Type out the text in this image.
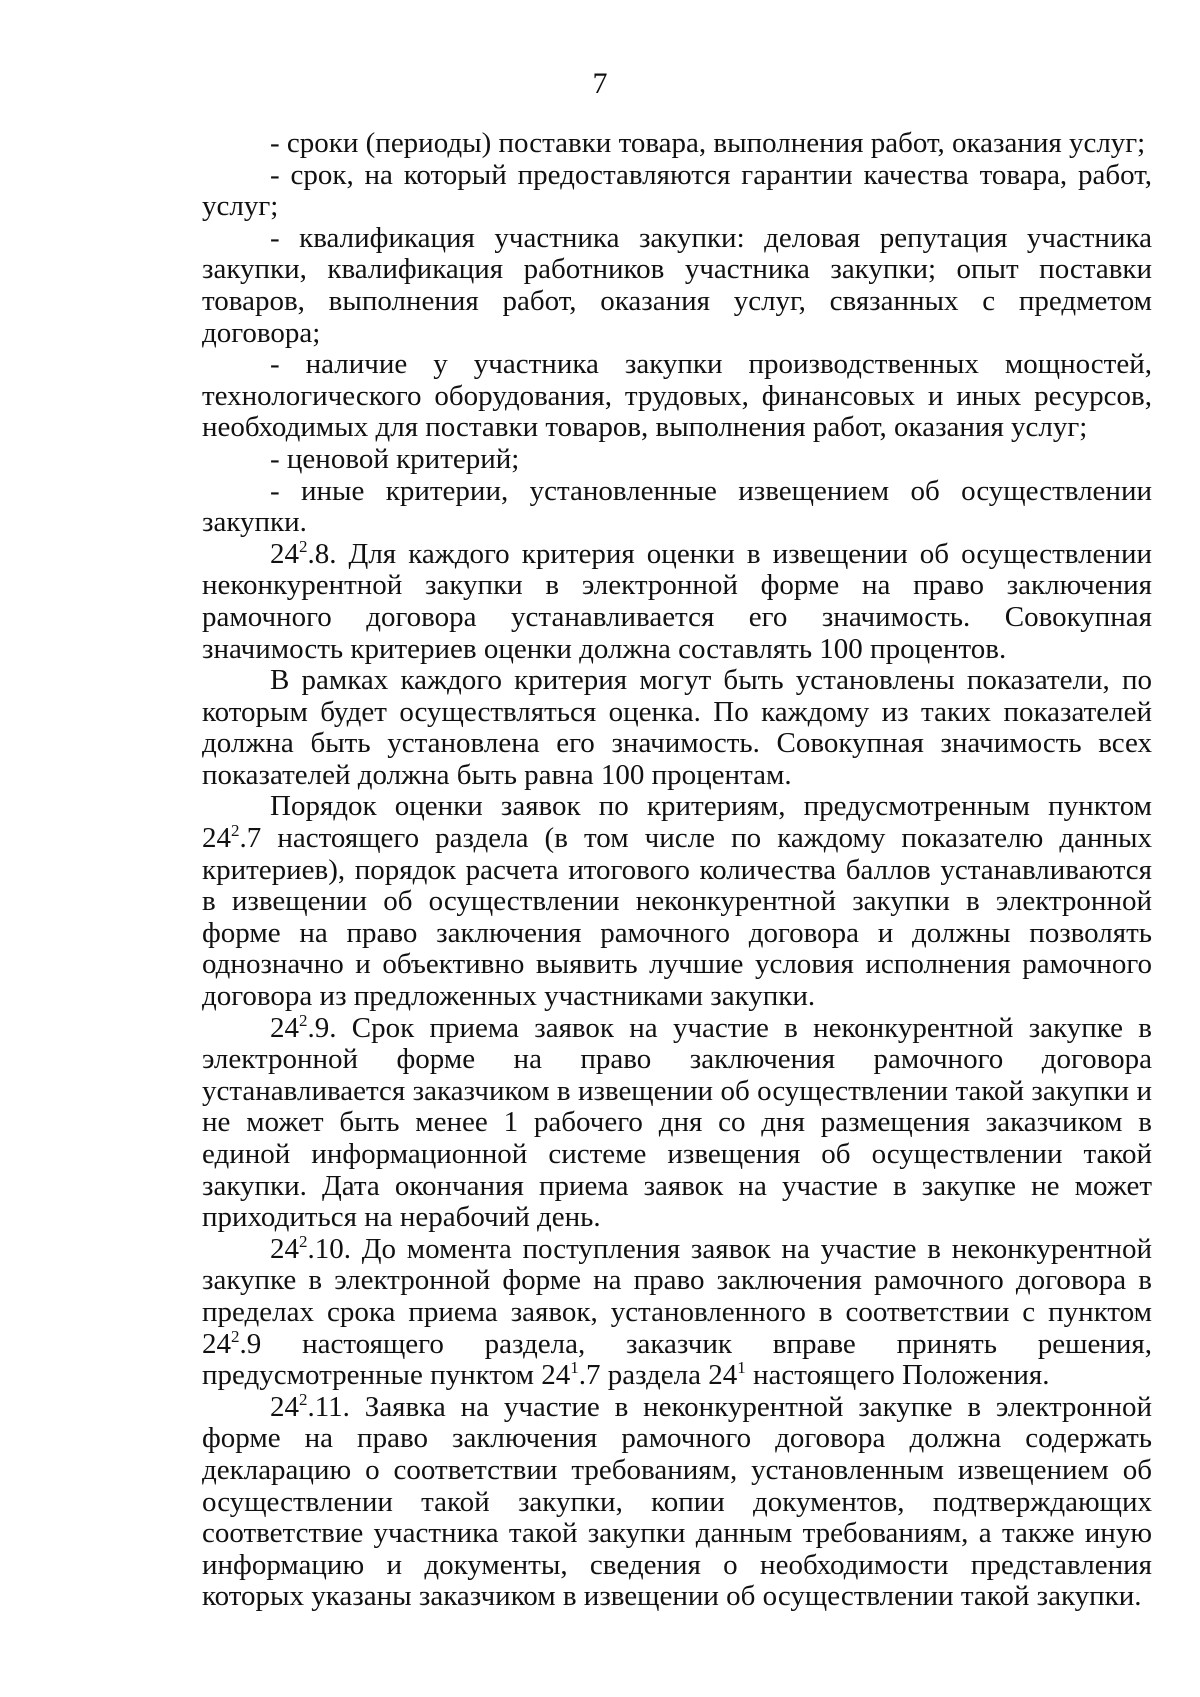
7

- сроки (периоды) поставки товара, выполнения работ, оказания услуг;

- срок, на который предоставляются гарантии качества товара, работ, услуг;

- квалификация участника закупки: деловая репутация участника закупки, квалификация работников участника закупки; опыт поставки товаров, выполнения работ, оказания услуг, связанных с предметом договора;

- наличие у участника закупки производственных мощностей, технологического оборудования, трудовых, финансовых и иных ресурсов, необходимых для поставки товаров, выполнения работ, оказания услуг;

- ценовой критерий;

- иные критерии, установленные извещением об осуществлении закупки.

$24^2.8$. Для каждого критерия оценки в извещении об осуществлении неконкурентной закупки в электронной форме на право заключения рамочного договора устанавливается его значимость. Совокупная значимость критериев оценки должна составлять 100 процентов.

В рамках каждого критерия могут быть установлены показатели, по которым будет осуществляться оценка. По каждому из таких показателей должна быть установлена его значимость. Совокупная значимость всех показателей должна быть равна 100 процентам.

Порядок оценки заявок по критериям, предусмотренным пунктом $24^2.7$ настоящего раздела (в том числе по каждому показателю данных критериев), порядок расчета итогового количества баллов устанавливаются в извещении об осуществлении неконкурентной закупки в электронной форме на право заключения рамочного договора и должны позволять однозначно и объективно выявить лучшие условия исполнения рамочного договора из предложенных участниками закупки.

$24^2.9$. Срок приема заявок на участие в неконкурентной закупке в электронной форме на право заключения рамочного договора устанавливается заказчиком в извещении об осуществлении такой закупки и не может быть менее 1 рабочего дня со дня размещения заказчиком в единой информационной системе извещения об осуществлении такой закупки. Дата окончания приема заявок на участие в закупке не может приходиться на нерабочий день.

$24^2.10$. До момента поступления заявок на участие в неконкурентной закупке в электронной форме на право заключения рамочного договора в пределах срока приема заявок, установленного в соответствии с пунктом $24^2.9$ настоящего раздела, заказчик вправе принять решения, предусмотренные пунктом $24^1.7$ раздела $24^1$ настоящего Положения.

$24^2.11$. Заявка на участие в неконкурентной закупке в электронной форме на право заключения рамочного договора должна содержать декларацию о соответствии требованиям, установленным извещением об осуществлении такой закупки, копии документов, подтверждающих соответствие участника такой закупки данным требованиям, а также иную информацию и документы, сведения о необходимости представления которых указаны заказчиком в извещении об осуществлении такой закупки.
